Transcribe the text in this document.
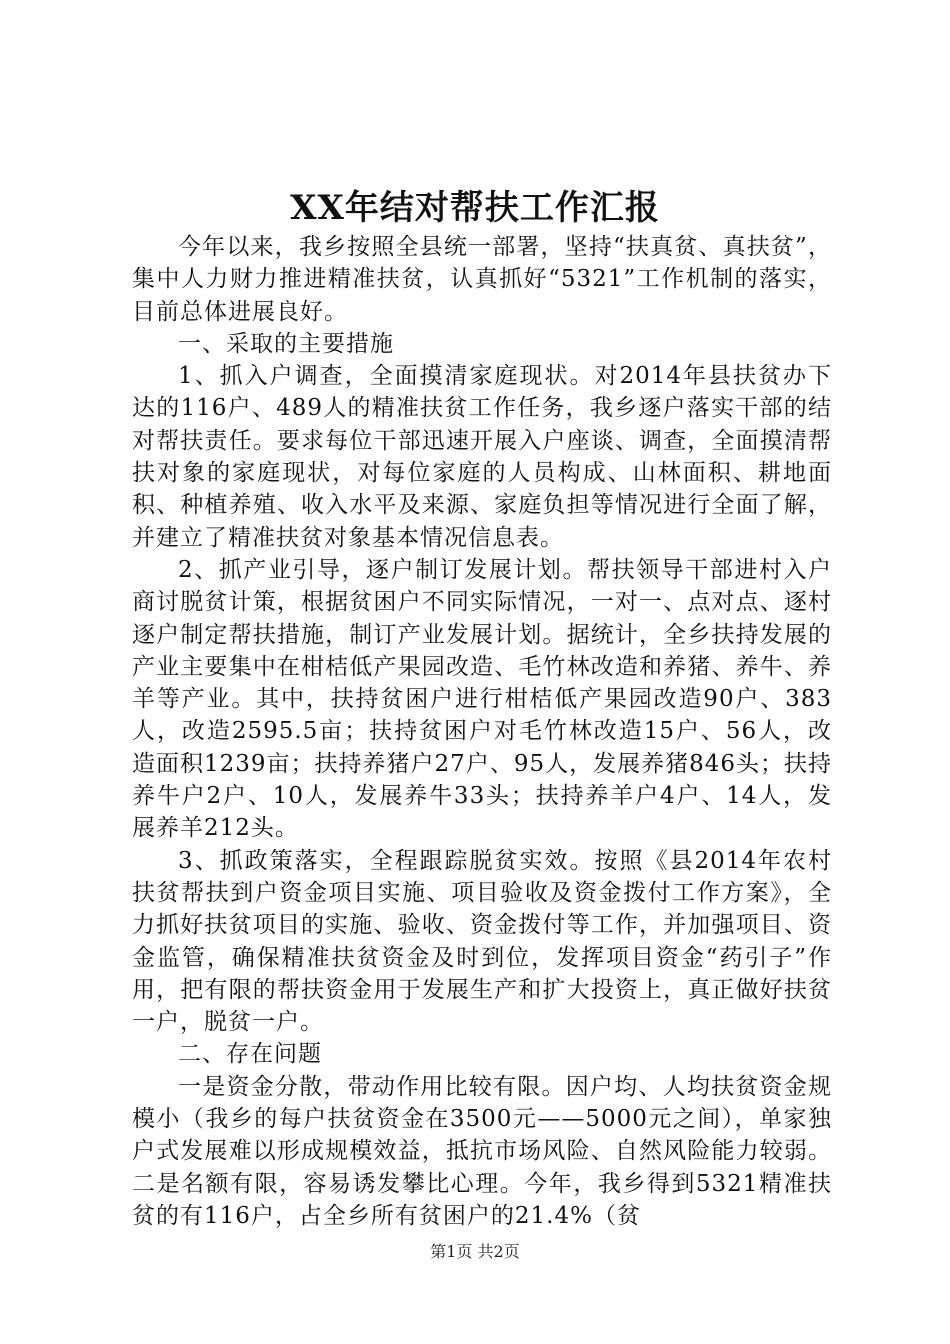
XX年结对帮扶工作汇报

今年以来，我乡按照全县统一部署，坚持“扶真贫、真扶贫”，集中人力财力推进精准扶贫，认真抓好“5321”工作机制的落实，目前总体进展良好。

一、采取的主要措施

1、抓入户调查，全面摸清家庭现状。对2014年县扶贫办下达的116户、489人的精准扶贫工作任务，我乡逐户落实干部的结对帮扶责任。要求每位干部迅速开展入户座谈、调查，全面摸清帮扶对象的家庭现状，对每位家庭的人员构成、山林面积、耕地面积、种植养殖、收入水平及来源、家庭负担等情况进行全面了解，并建立了精准扶贫对象基本情况信息表。

2、抓产业引导，逐户制订发展计划。帮扶领导干部进村入户商讨脱贫计策，根据贫困户不同实际情况，一对一、点对点、逐村逐户制定帮扶措施，制订产业发展计划。据统计，全乡扶持发展的产业主要集中在柑桔低产果园改造、毛竹林改造和养猪、养牛、养羊等产业。其中，扶持贫困户进行柑桔低产果园改造90户、383人，改造2595.5亩；扶持贫困户对毛竹林改造15户、56人，改造面积1239亩；扶持养猪户27户、95人，发展养猪846头；扶持养牛户2户、10人，发展养牛33头；扶持养羊户4户、14人，发展养羊212头。

3、抓政策落实，全程跟踪脱贫实效。按照《县2014年农村扶贫帮扶到户资金项目实施、项目验收及资金拨付工作方案》，全力抓好扶贫项目的实施、验收、资金拨付等工作，并加强项目、资金监管，确保精准扶贫资金及时到位，发挥项目资金“药引子”作用，把有限的帮扶资金用于发展生产和扩大投资上，真正做好扶贫一户，脱贫一户。

二、存在问题

一是资金分散，带动作用比较有限。因户均、人均扶贫资金规模小（我乡的每户扶贫资金在3500元——5000元之间），单家独户式发展难以形成规模效益，抵抗市场风险、自然风险能力较弱。二是名额有限，容易诱发攀比心理。今年，我乡得到5321精准扶贫的有116户，占全乡所有贫困户的21.4%（贫

第1页 共2页
